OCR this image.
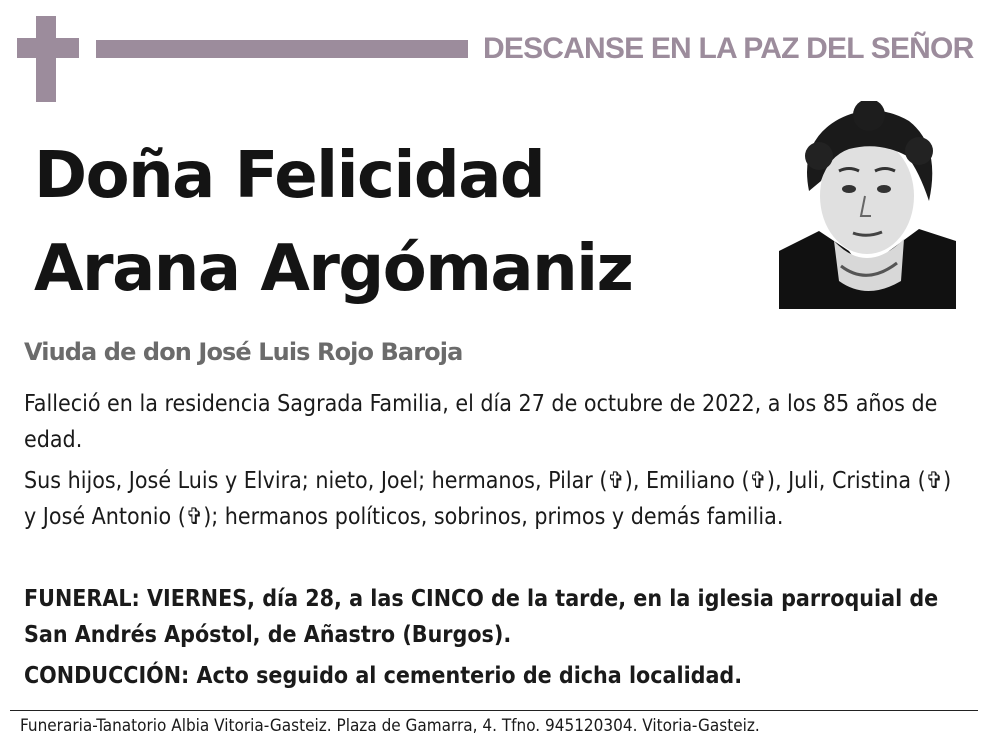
DESCANSE EN LA PAZ DEL SEÑOR
Doña Felicidad
Arana Argómaniz
Viuda de don José Luis Rojo Baroja
Falleció en la residencia Sagrada Familia, el día 27 de octubre de 2022, a los 85 años de edad.
Sus hijos, José Luis y Elvira; nieto, Joel; hermanos, Pilar (✞), Emiliano (✞), Juli, Cristina (✞) y José Antonio (✞); hermanos políticos, sobrinos, primos y demás familia.
FUNERAL: VIERNES, día 28, a las CINCO de la tarde, en la iglesia parroquial de San Andrés Apóstol, de Añastro (Burgos).
CONDUCCIÓN: Acto seguido al cementerio de dicha localidad.
Funeraria-Tanatorio Albia Vitoria-Gasteiz. Plaza de Gamarra, 4. Tfno. 945120304. Vitoria-Gasteiz.
